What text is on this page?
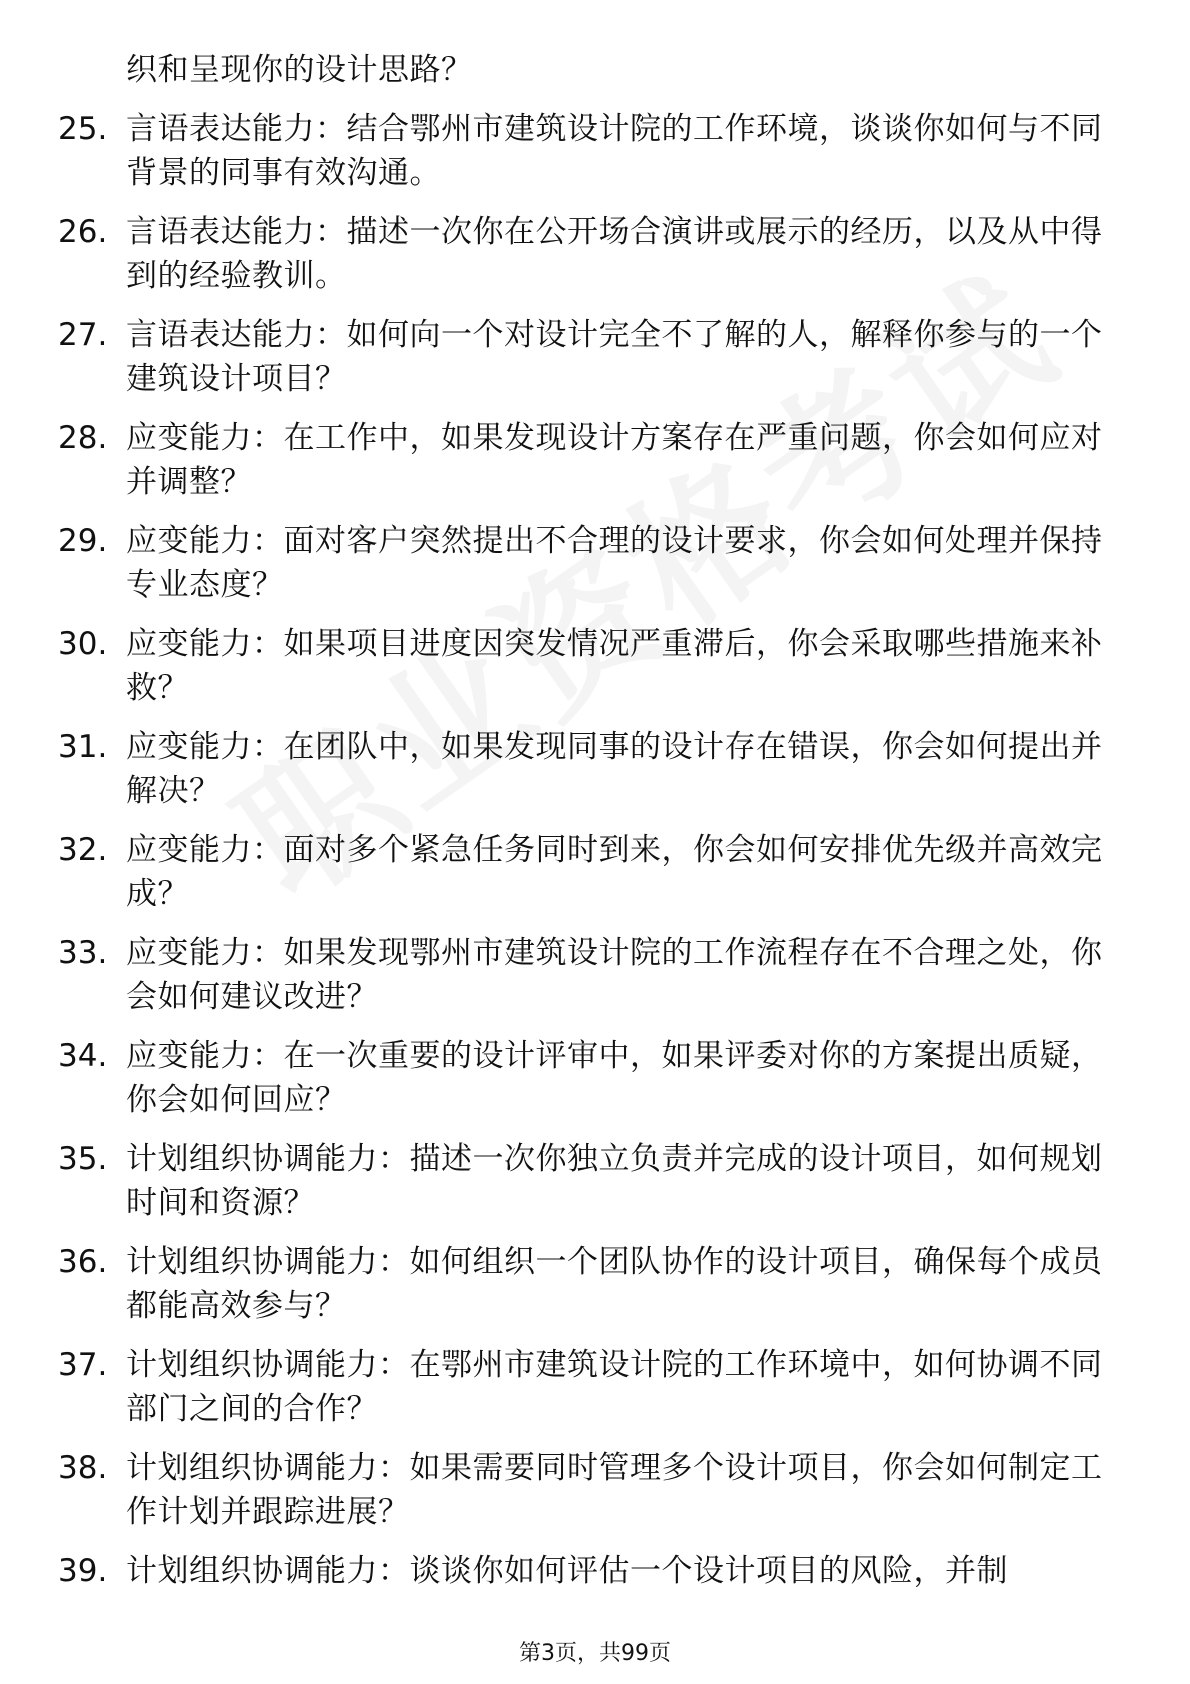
织和呈现你的设计思路？
25. 言语表达能力：结合鄂州市建筑设计院的工作环境，谈谈你如何与不同背景的同事有效沟通。
26. 言语表达能力：描述一次你在公开场合演讲或展示的经历，以及从中得到的经验教训。
27. 言语表达能力：如何向一个对设计完全不了解的人，解释你参与的一个建筑设计项目？
28. 应变能力：在工作中，如果发现设计方案存在严重问题，你会如何应对并调整？
29. 应变能力：面对客户突然提出不合理的设计要求，你会如何处理并保持专业态度？
30. 应变能力：如果项目进度因突发情况严重滞后，你会采取哪些措施来补救？
31. 应变能力：在团队中，如果发现同事的设计存在错误，你会如何提出并解决？
32. 应变能力：面对多个紧急任务同时到来，你会如何安排优先级并高效完成？
33. 应变能力：如果发现鄂州市建筑设计院的工作流程存在不合理之处，你会如何建议改进？
34. 应变能力：在一次重要的设计评审中，如果评委对你的方案提出质疑，你会如何回应？
35. 计划组织协调能力：描述一次你独立负责并完成的设计项目，如何规划时间和资源？
36. 计划组织协调能力：如何组织一个团队协作的设计项目，确保每个成员都能高效参与？
37. 计划组织协调能力：在鄂州市建筑设计院的工作环境中，如何协调不同部门之间的合作？
38. 计划组织协调能力：如果需要同时管理多个设计项目，你会如何制定工作计划并跟踪进展？
39. 计划组织协调能力：谈谈你如何评估一个设计项目的风险，并制
第3页，共99页
